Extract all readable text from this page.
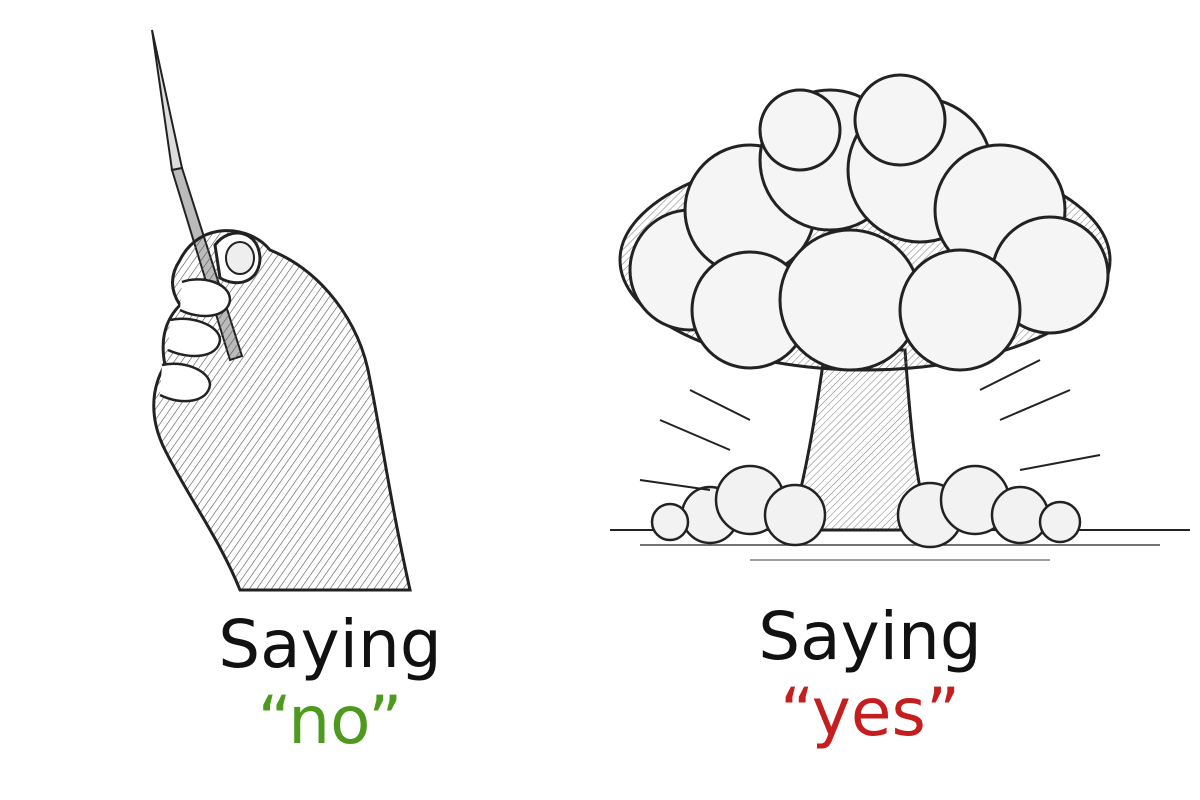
Saying
“no”
Saying
“yes”
